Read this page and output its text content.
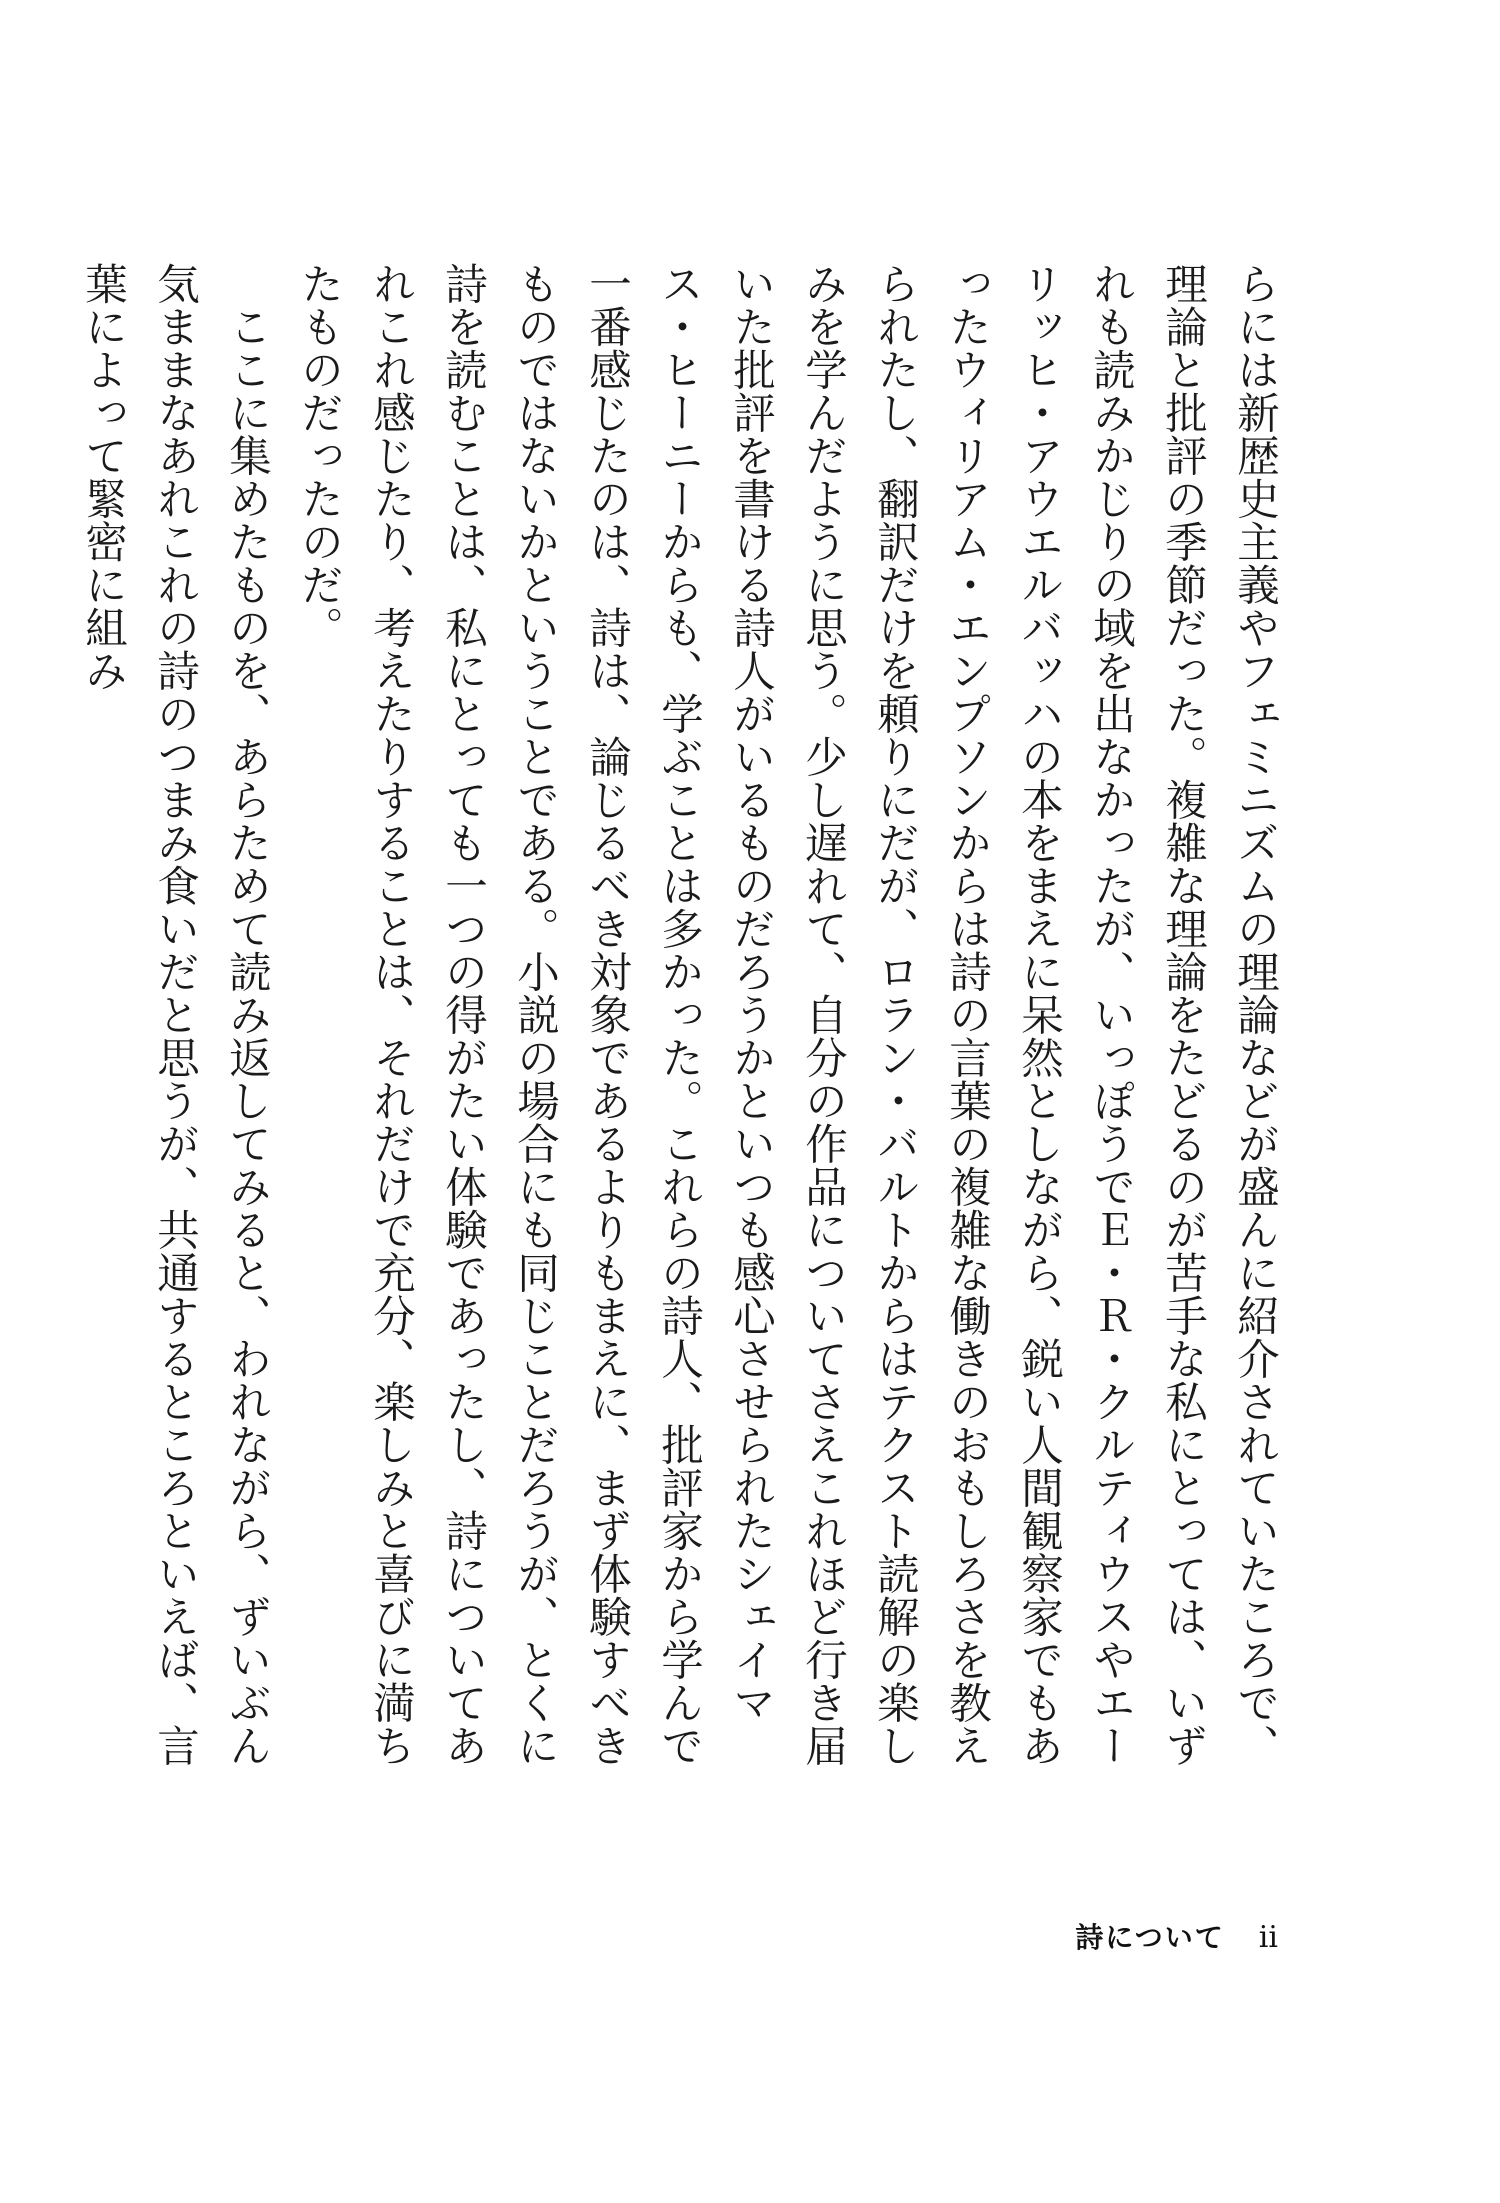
らには新歴史主義やフェミニズムの理論などが盛んに紹介されていたころで、理論と批評の季節だった。複雑な理論をたどるのが苦手な私にとっては、いずれも読みかじりの域を出なかったが、いっぽうでＥ・Ｒ・クルティウスやエーリッヒ・アウエルバッハの本をまえに呆然としながら、鋭い人間観察家でもあったウィリアム・エンプソンからは詩の言葉の複雑な働きのおもしろさを教えられたし、翻訳だけを頼りにだが、ロラン・バルトからはテクスト読解の楽しみを学んだように思う。少し遅れて、自分の作品についてさえこれほど行き届いた批評を書ける詩人がいるものだろうかといつも感心させられたシェイマス・ヒーニーからも、学ぶことは多かった。これらの詩人、批評家から学んで一番感じたのは、詩は、論じるべき対象であるよりもまえに、まず体験すべきものではないかということである。小説の場合にも同じことだろうが、とくに詩を読むことは、私にとっても一つの得がたい体験であったし、詩についてあれこれ感じたり、考えたりすることは、それだけで充分、楽しみと喜びに満ちたものだったのだ。

　ここに集めたものを、あらためて読み返してみると、われながら、ずいぶん気ままなあれこれの詩のつまみ食いだと思うが、共通するところといえば、言葉によって緊密に組み

詩について ii
